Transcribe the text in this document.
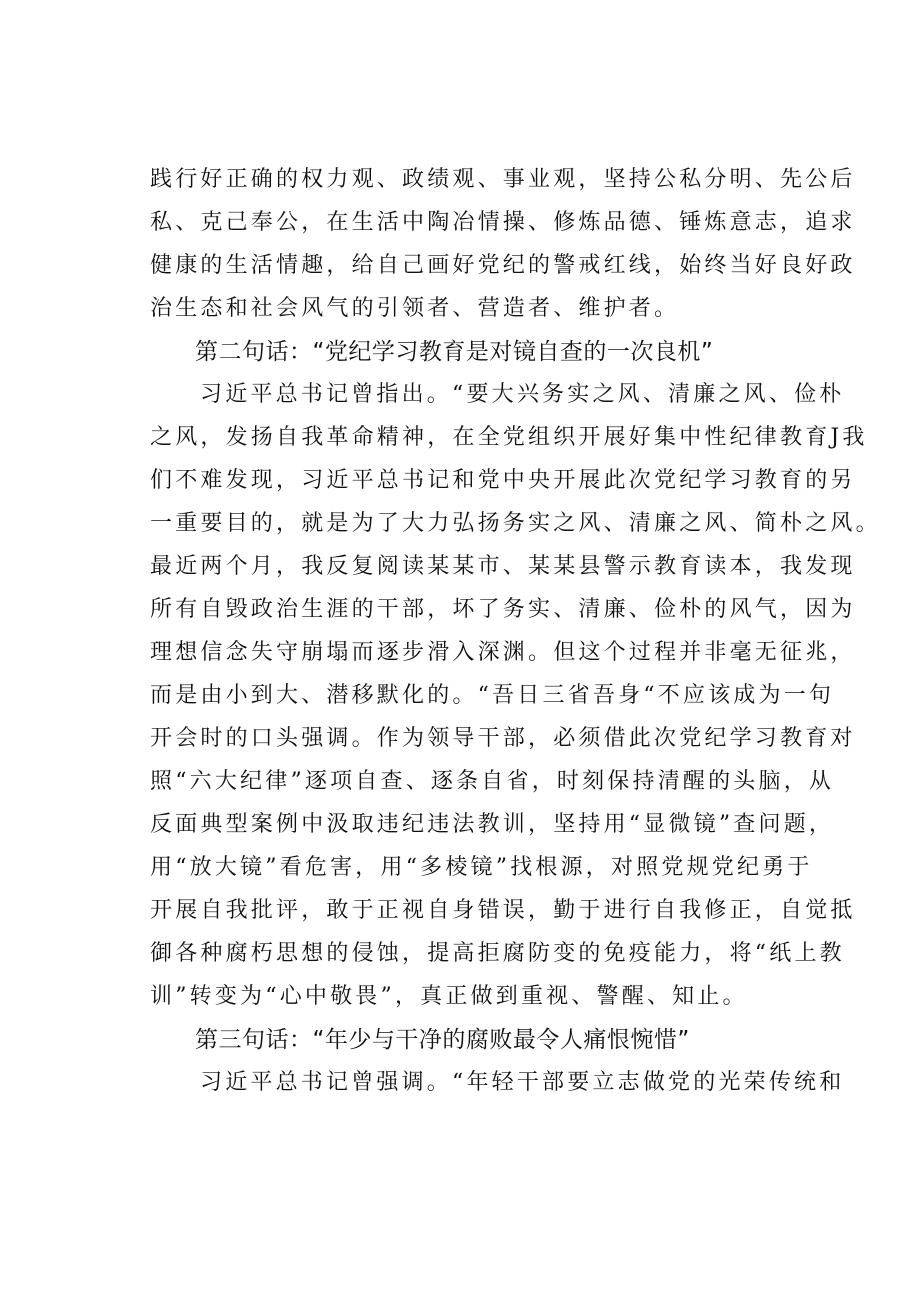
践行好正确的权力观、政绩观、事业观，坚持公私分明、先公后
私、克己奉公，在生活中陶冶情操、修炼品德、锤炼意志，追求
健康的生活情趣，给自己画好党纪的警戒红线，始终当好良好政
治生态和社会风气的引领者、营造者、维护者。
第二句话：“党纪学习教育是对镜自查的一次良机”
习近平总书记曾指出。“要大兴务实之风、清廉之风、俭朴
之风，发扬自我革命精神，在全党组织开展好集中性纪律教育J我
们不难发现，习近平总书记和党中央开展此次党纪学习教育的另
一重要目的，就是为了大力弘扬务实之风、清廉之风、简朴之风。
最近两个月，我反复阅读某某市、某某县警示教育读本，我发现
所有自毁政治生涯的干部，坏了务实、清廉、俭朴的风气，因为
理想信念失守崩塌而逐步滑入深渊。但这个过程并非毫无征兆，
而是由小到大、潜移默化的。“吾日三省吾身“不应该成为一句
开会时的口头强调。作为领导干部，必须借此次党纪学习教育对
照“六大纪律”逐项自查、逐条自省，时刻保持清醒的头脑，从
反面典型案例中汲取违纪违法教训，坚持用“显微镜”查问题，
用“放大镜”看危害，用“多棱镜”找根源，对照党规党纪勇于
开展自我批评，敢于正视自身错误，勤于进行自我修正，自觉抵
御各种腐朽思想的侵蚀，提高拒腐防变的免疫能力，将“纸上教
训”转变为“心中敬畏”，真正做到重视、警醒、知止。
第三句话：“年少与干净的腐败最令人痛恨惋惜”
习近平总书记曾强调。“年轻干部要立志做党的光荣传统和
